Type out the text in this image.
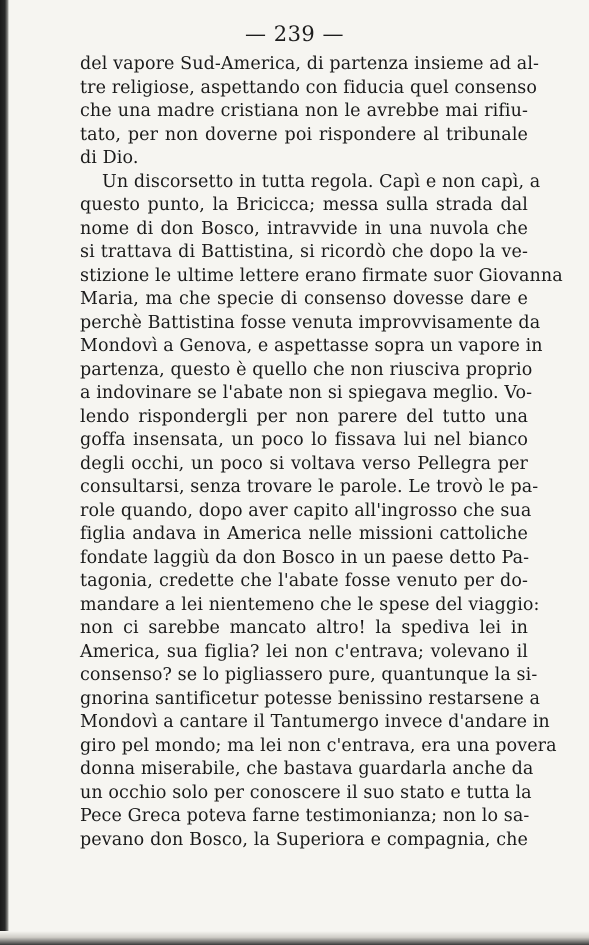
— 239 —
del vapore Sud-America, di partenza insieme ad al-
tre religiose, aspettando con fiducia quel consenso
che una madre cristiana non le avrebbe mai rifiu-
tato, per non doverne poi rispondere al tribunale
di Dio.
Un discorsetto in tutta regola. Capì e non capì, a
questo punto, la Bricicca; messa sulla strada dal
nome di don Bosco, intravvide in una nuvola che
si trattava di Battistina, si ricordò che dopo la ve-
stizione le ultime lettere erano firmate suor Giovanna
Maria, ma che specie di consenso dovesse dare e
perchè Battistina fosse venuta improvvisamente da
Mondovì a Genova, e aspettasse sopra un vapore in
partenza, questo è quello che non riusciva proprio
a indovinare se l'abate non si spiegava meglio. Vo-
lendo rispondergli per non parere del tutto una
goffa insensata, un poco lo fissava lui nel bianco
degli occhi, un poco si voltava verso Pellegra per
consultarsi, senza trovare le parole. Le trovò le pa-
role quando, dopo aver capito all'ingrosso che sua
figlia andava in America nelle missioni cattoliche
fondate laggiù da don Bosco in un paese detto Pa-
tagonia, credette che l'abate fosse venuto per do-
mandare a lei nientemeno che le spese del viaggio:
non ci sarebbe mancato altro! la spediva lei in
America, sua figlia? lei non c'entrava; volevano il
consenso? se lo pigliassero pure, quantunque la si-
gnorina santificetur potesse benissino restarsene a
Mondovì a cantare il Tantumergo invece d'andare in
giro pel mondo; ma lei non c'entrava, era una povera
donna miserabile, che bastava guardarla anche da
un occhio solo per conoscere il suo stato e tutta la
Pece Greca poteva farne testimonianza; non lo sa-
pevano don Bosco, la Superiora e compagnia, che
